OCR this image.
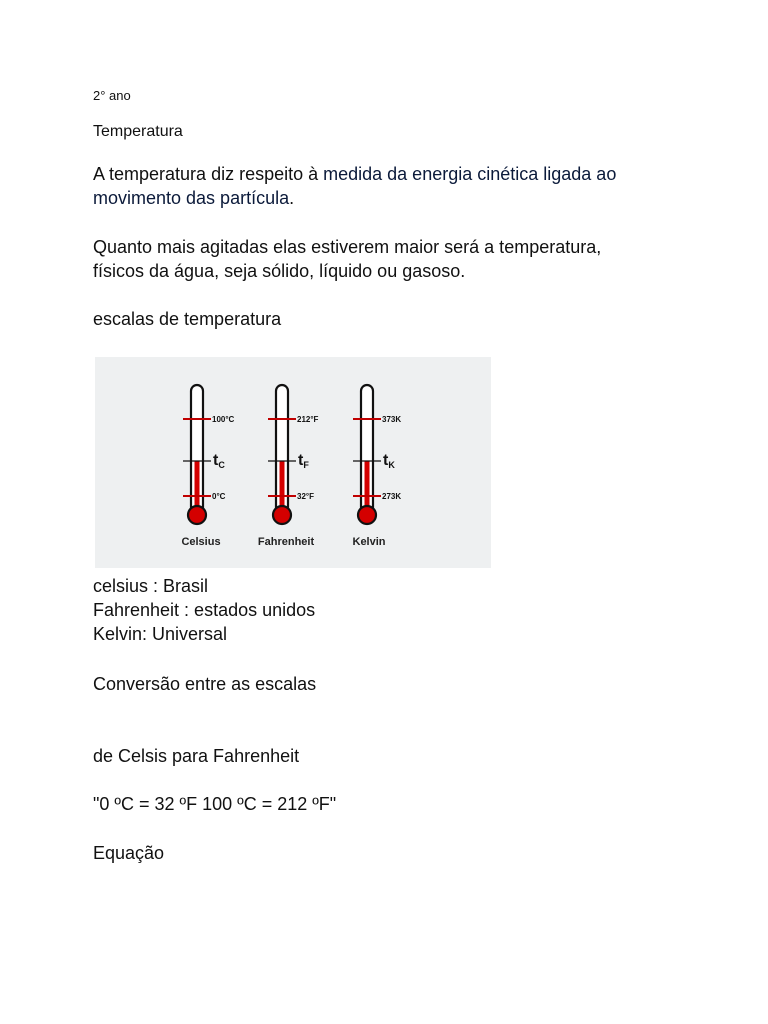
2° ano

Temperatura

A temperatura diz respeito à medida da energia cinética ligada ao
movimento das partícula.
Quanto mais agitadas elas estiverem maior será a temperatura,
físicos da água, seja sólido, líquido ou gasoso.

escalas de temperatura

100°C
tC
0°C
Celsius
212°F
tF
32°F
Fahrenheit
373K
tK
273K
Kelvin
celsius : Brasil
Fahrenheit : estados unidos
Kelvin: Universal

Conversão entre as escalas

de Celsis para Fahrenheit

"0 ºC = 32 ºF 100 ºC = 212 ºF"

Equação
